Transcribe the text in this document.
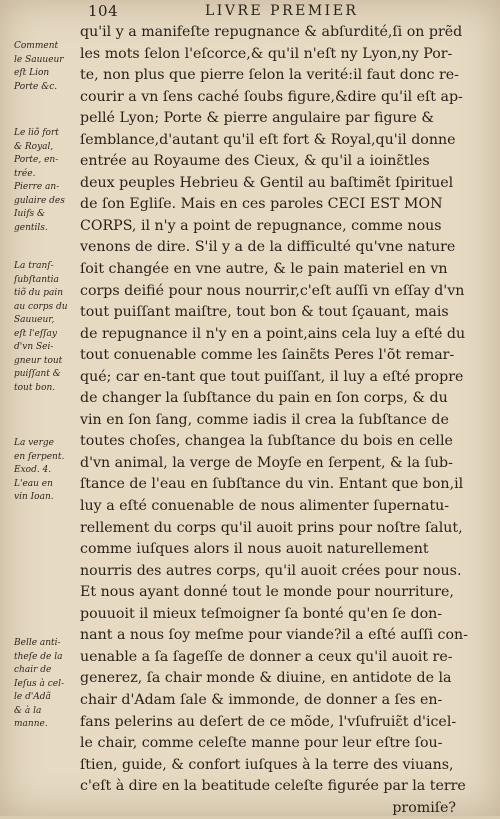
104	LIVRE PREMIER
Comment
le Sauueur
eſt Lion
Porte &c.
Le liõ fort
& Royal,
Porte, en-
trée.
Pierre an-
gulaire des
Iuifs &
gentils.
La tranſ-
ſubſtantia
tiõ du pain
au corps du
Sauueur,
eſt l'eſſay
d'vn Sei-
gneur tout
puiſſant &
tout bon.
La verge
en ſerpent.
Exod. 4.
L'eau en
vin Ioan.
Belle anti-
theſe de la
chair de
Ieſus à cel-
le d'Adã
& à la
manne.
qu'il y a manifeſte repugnance & abſurdité,ſi on prẽd
les mots ſelon l'eſcorce,& qu'il n'eſt ny Lyon,ny Por-
te, non plus que pierre ſelon la verité:il faut donc re-
courir a vn ſens caché ſoubs figure,&dire qu'il eſt ap-
pellé Lyon; Porte & pierre angulaire par figure &
ſemblance,d'autant qu'il eſt fort & Royal,qu'il donne
entrée au Royaume des Cieux, & qu'il a ioinɛ̃tles
deux peuples Hebrieu & Gentil au baſtimẽt ſpirituel
de ſon Egliſe. Mais en ces paroles CECI EST MON
CORPS, il n'y a point de repugnance, comme nous
venons de dire. S'il y a de la difficulté qu'vne nature
ſoit changée en vne autre, & le pain materiel en vn
corps deifié pour nous nourrir,c'eſt auſſi vn eſſay d'vn
tout puiſſant maiſtre, tout bon & tout ſçauant, mais
de repugnance il n'y en a point,ains cela luy a eſté du
tout conuenable comme les ſainɛ̃ts Peres l'õt remar-
qué; car en-tant que tout puiſſant, il luy a eſté propre
de changer la ſubſtance du pain en ſon corps, & du
vin en ſon ſang, comme iadis il crea la ſubſtance de
toutes choſes, changea la ſubſtance du bois en celle
d'vn animal, la verge de Moyſe en ſerpent, & la ſub-
ſtance de l'eau en ſubſtance du vin. Entant que bon,il
luy a eſté conuenable de nous alimenter ſupernatu-
rellement du corps qu'il auoit prins pour noſtre ſalut,
comme iuſques alors il nous auoit naturellement
nourris des autres corps, qu'il auoit crées pour nous.
Et nous ayant donné tout le monde pour nourriture,
pouuoit il mieux teſmoigner ſa bonté qu'en ſe don-
nant a nous ſoy meſme pour viande?il a eſté auſſi con-
uenable a ſa ſageſſe de donner a ceux qu'il auoit re-
generez, ſa chair monde & diuine, en antidote de la
chair d'Adam ſale & immonde, de donner a ſes en-
fans pelerins au deſert de ce mõde, l'vſufruiɛ̃t d'icel-
le chair, comme celeſte manne pour leur eſtre ſou-
ſtien, guide, & confort iuſques à la terre des viuans,
c'eſt à dire en la beatitude celeſte figurée par la terre
promiſe?
